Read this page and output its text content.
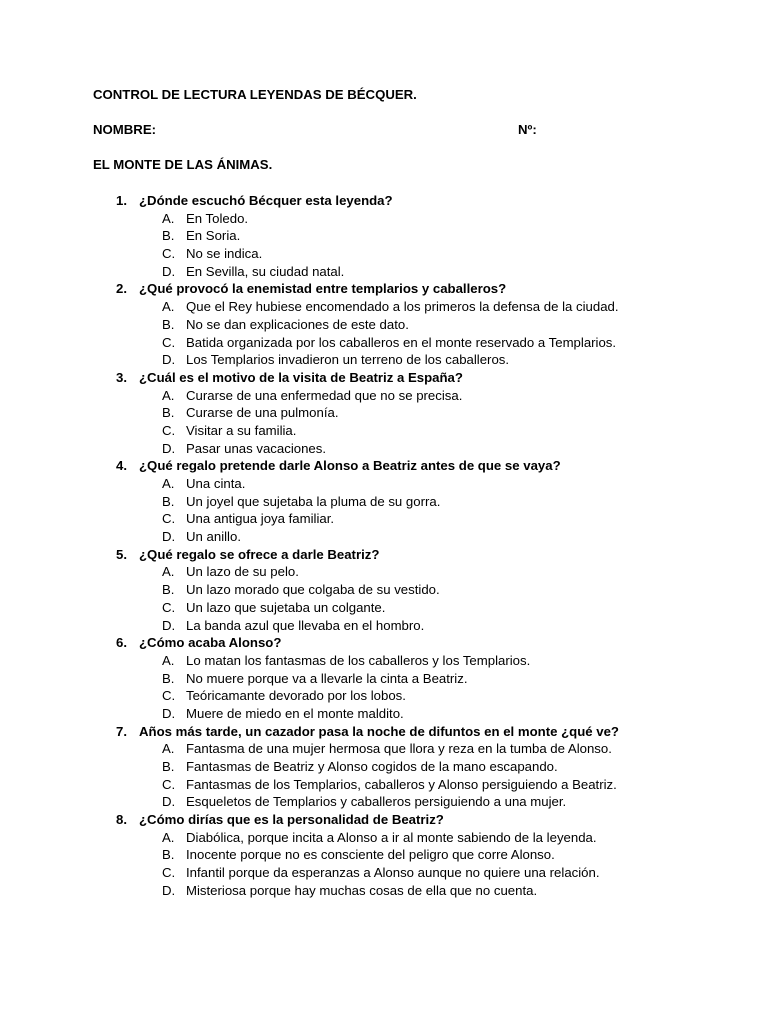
CONTROL DE LECTURA LEYENDAS DE BÉCQUER.
NOMBRE:	Nº:
EL MONTE DE LAS ÁNIMAS.
1. ¿Dónde escuchó Bécquer esta leyenda?
A. En Toledo.
B. En Soria.
C. No se indica.
D. En Sevilla, su ciudad natal.
2. ¿Qué provocó la enemistad entre templarios y caballeros?
A. Que el Rey hubiese encomendado a los primeros la defensa de la ciudad.
B. No se dan explicaciones de este dato.
C. Batida organizada por los caballeros en el monte reservado a Templarios.
D. Los Templarios invadieron un terreno de los caballeros.
3. ¿Cuál es el motivo de la visita de Beatriz a España?
A. Curarse de una enfermedad que no se precisa.
B. Curarse de una pulmonía.
C. Visitar a su familia.
D. Pasar unas vacaciones.
4. ¿Qué regalo pretende darle Alonso a Beatriz antes de que se vaya?
A. Una cinta.
B. Un joyel que sujetaba la pluma de su gorra.
C. Una antigua joya familiar.
D. Un anillo.
5. ¿Qué regalo se ofrece a darle Beatriz?
A. Un lazo de su pelo.
B. Un lazo morado que colgaba de su vestido.
C. Un lazo que sujetaba un colgante.
D. La banda azul que llevaba en el hombro.
6. ¿Cómo acaba Alonso?
A. Lo matan los fantasmas de los caballeros y los Templarios.
B. No muere porque va a llevarle la cinta a Beatriz.
C. Teóricamante devorado por los lobos.
D. Muere de miedo en el monte maldito.
7. Años más tarde, un cazador pasa la noche de difuntos en el monte ¿qué ve?
A. Fantasma de una mujer hermosa que llora y reza en la tumba de Alonso.
B. Fantasmas de Beatriz y Alonso cogidos de la mano escapando.
C. Fantasmas de los Templarios, caballeros y Alonso persiguiendo a Beatriz.
D. Esqueletos de Templarios y caballeros persiguiendo a una mujer.
8. ¿Cómo dirías que es la personalidad de Beatriz?
A. Diabólica, porque incita a Alonso a ir al monte sabiendo de la leyenda.
B. Inocente porque no es consciente del peligro que corre Alonso.
C. Infantil porque da esperanzas a Alonso aunque no quiere una relación.
D. Misteriosa porque hay muchas cosas de ella que no cuenta.
